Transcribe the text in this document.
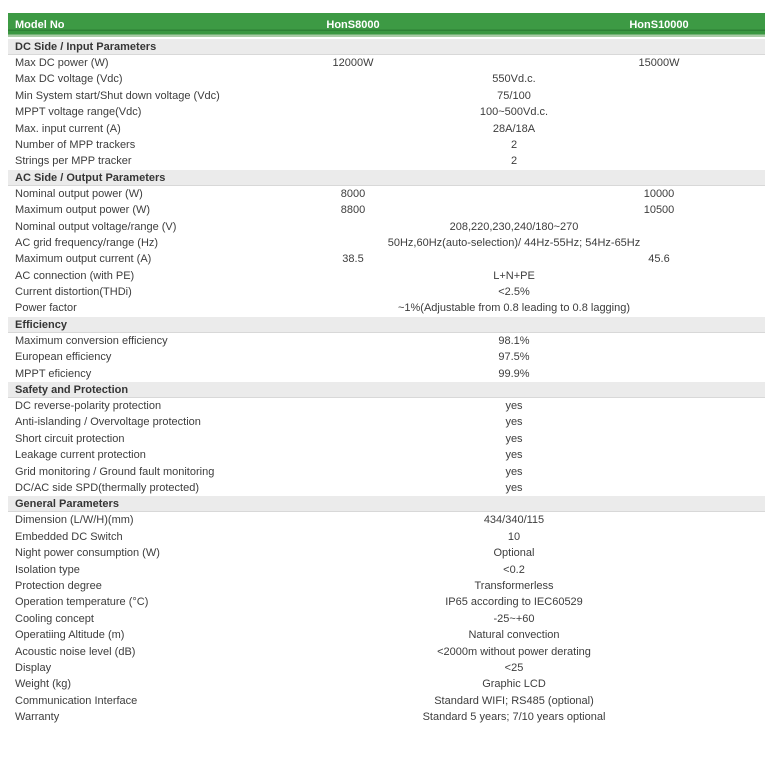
Model No	HonS8000	HonS10000
DC Side / Input Parameters
Max DC power (W)	12000W	15000W
Max DC voltage (Vdc)	550Vd.c.
Min System start/Shut down voltage (Vdc)	75/100
MPPT voltage range(Vdc)	100~500Vd.c.
Max. input current (A)	28A/18A
Number of MPP trackers	2
Strings per MPP tracker	2
AC Side / Output Parameters
Nominal output power (W)	8000	10000
Maximum output power (W)	8800	10500
Nominal output voltage/range (V)	208,220,230,240/180~270
AC grid frequency/range (Hz)	50Hz,60Hz(auto-selection)/ 44Hz-55Hz; 54Hz-65Hz
Maximum output current (A)	38.5	45.6
AC connection (with PE)	L+N+PE
Current distortion(THDi)	<2.5%
Power factor	~1%(Adjustable from 0.8 leading to 0.8 lagging)
Efficiency
Maximum conversion efficiency	98.1%
European efficiency	97.5%
MPPT eficiency	99.9%
Safety and Protection
DC reverse-polarity protection	yes
Anti-islanding / Overvoltage protection	yes
Short circuit protection	yes
Leakage current protection	yes
Grid monitoring / Ground fault monitoring	yes
DC/AC side SPD(thermally protected)	yes
General Parameters
Dimension (L/W/H)(mm)	434/340/115
Embedded DC Switch	10
Night power consumption (W)	Optional
Isolation type	<0.2
Protection degree	Transformerless
Operation temperature (°C)	IP65 according to IEC60529
Cooling concept	-25~+60
Operatiing Altitude (m)	Natural convection
Acoustic noise level (dB)	<2000m without power derating
Display	<25
Weight (kg)	Graphic LCD
Communication Interface	Standard WIFI; RS485 (optional)
Warranty	Standard 5 years; 7/10 years optional
